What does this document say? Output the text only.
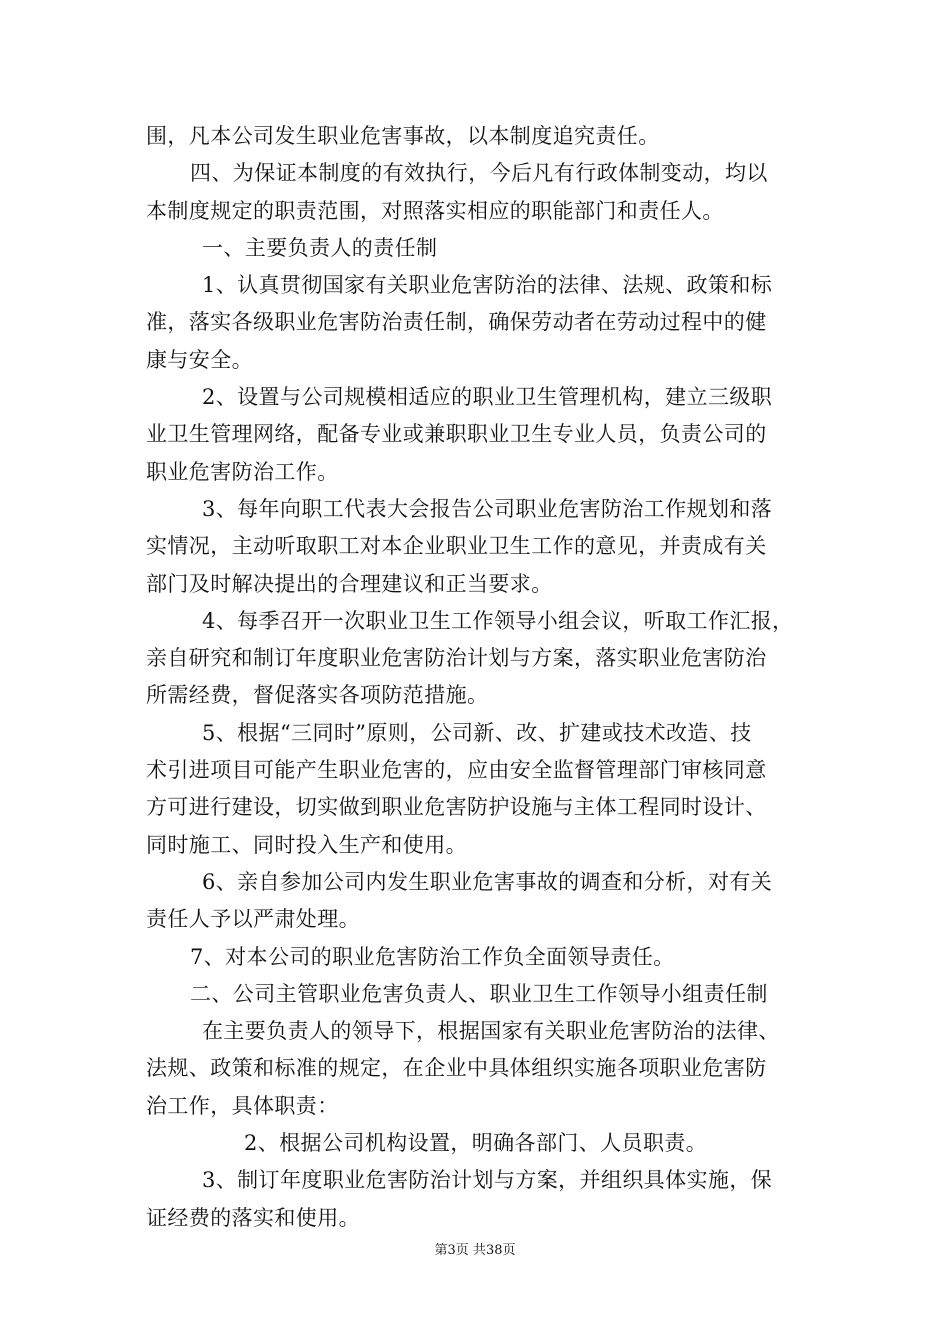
围，凡本公司发生职业危害事故，以本制度追究责任。
四、为保证本制度的有效执行，今后凡有行政体制变动，均以
本制度规定的职责范围，对照落实相应的职能部门和责任人。
一、主要负责人的责任制
1、认真贯彻国家有关职业危害防治的法律、法规、政策和标
准，落实各级职业危害防治责任制，确保劳动者在劳动过程中的健
康与安全。
2、设置与公司规模相适应的职业卫生管理机构，建立三级职
业卫生管理网络，配备专业或兼职职业卫生专业人员，负责公司的
职业危害防治工作。
3、每年向职工代表大会报告公司职业危害防治工作规划和落
实情况，主动听取职工对本企业职业卫生工作的意见，并责成有关
部门及时解决提出的合理建议和正当要求。
4、每季召开一次职业卫生工作领导小组会议，听取工作汇报，
亲自研究和制订年度职业危害防治计划与方案，落实职业危害防治
所需经费，督促落实各项防范措施。
5、根据“三同时”原则，公司新、改、扩建或技术改造、技
术引进项目可能产生职业危害的，应由安全监督管理部门审核同意
方可进行建设，切实做到职业危害防护设施与主体工程同时设计、
同时施工、同时投入生产和使用。
6、亲自参加公司内发生职业危害事故的调查和分析，对有关
责任人予以严肃处理。
7、对本公司的职业危害防治工作负全面领导责任。
二、公司主管职业危害负责人、职业卫生工作领导小组责任制
在主要负责人的领导下，根据国家有关职业危害防治的法律、
法规、政策和标准的规定，在企业中具体组织实施各项职业危害防
治工作，具体职责：
2、根据公司机构设置，明确各部门、人员职责。
3、制订年度职业危害防治计划与方案，并组织具体实施，保
证经费的落实和使用。
第3页 共38页
